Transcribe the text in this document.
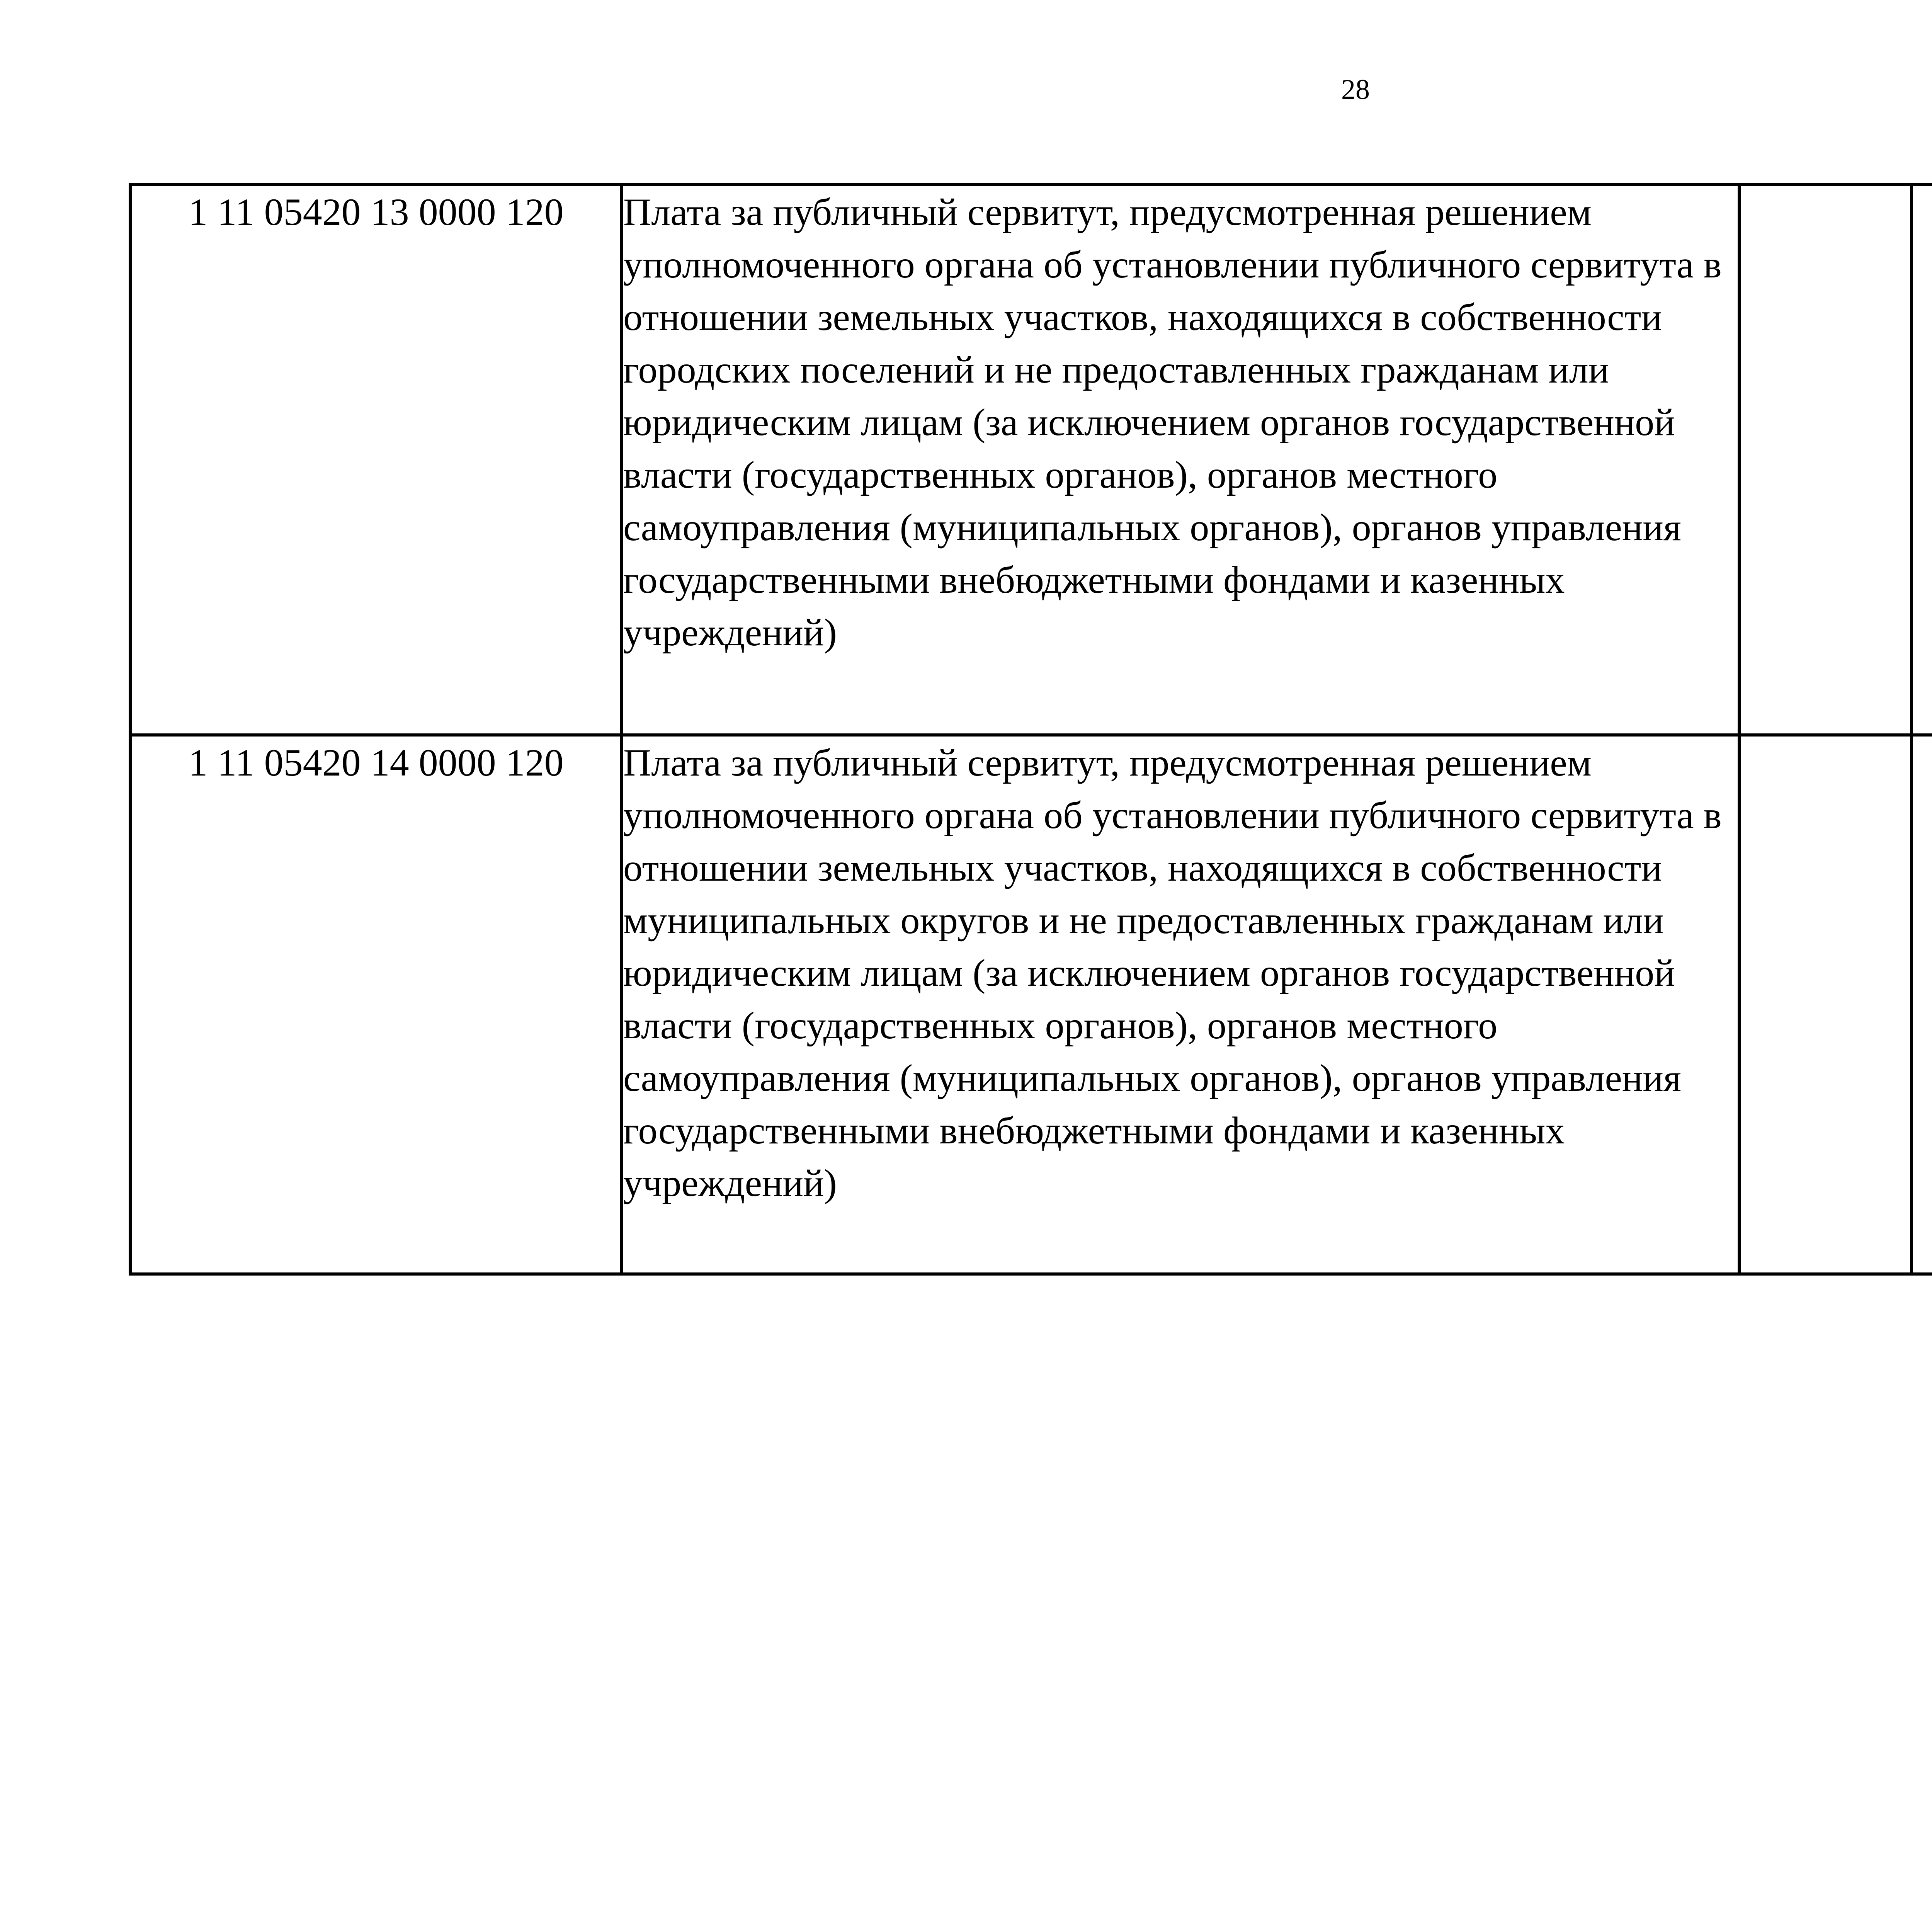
28
1 11 05420 13 0000 120	Плата за публичный сервитут, предусмотренная решением уполномоченного органа об установлении публичного сервитута в отношении земельных участков, находящихся в собственности городских поселений и не предоставленных гражданам или юридическим лицам (за исключением органов государственной власти (государственных органов), органов местного самоуправления (муниципальных органов), органов управления государственными внебюджетными фондами и казенных учреждений)					
1 11 05420 14 0000 120	Плата за публичный сервитут, предусмотренная решением уполномоченного органа об установлении публичного сервитута в отношении земельных участков, находящихся в собственности муниципальных округов и не предоставленных гражданам или юридическим лицам (за исключением органов государственной власти (государственных органов), органов местного самоуправления (муниципальных органов), органов управления государственными внебюджетными фондами и казенных учреждений)					
